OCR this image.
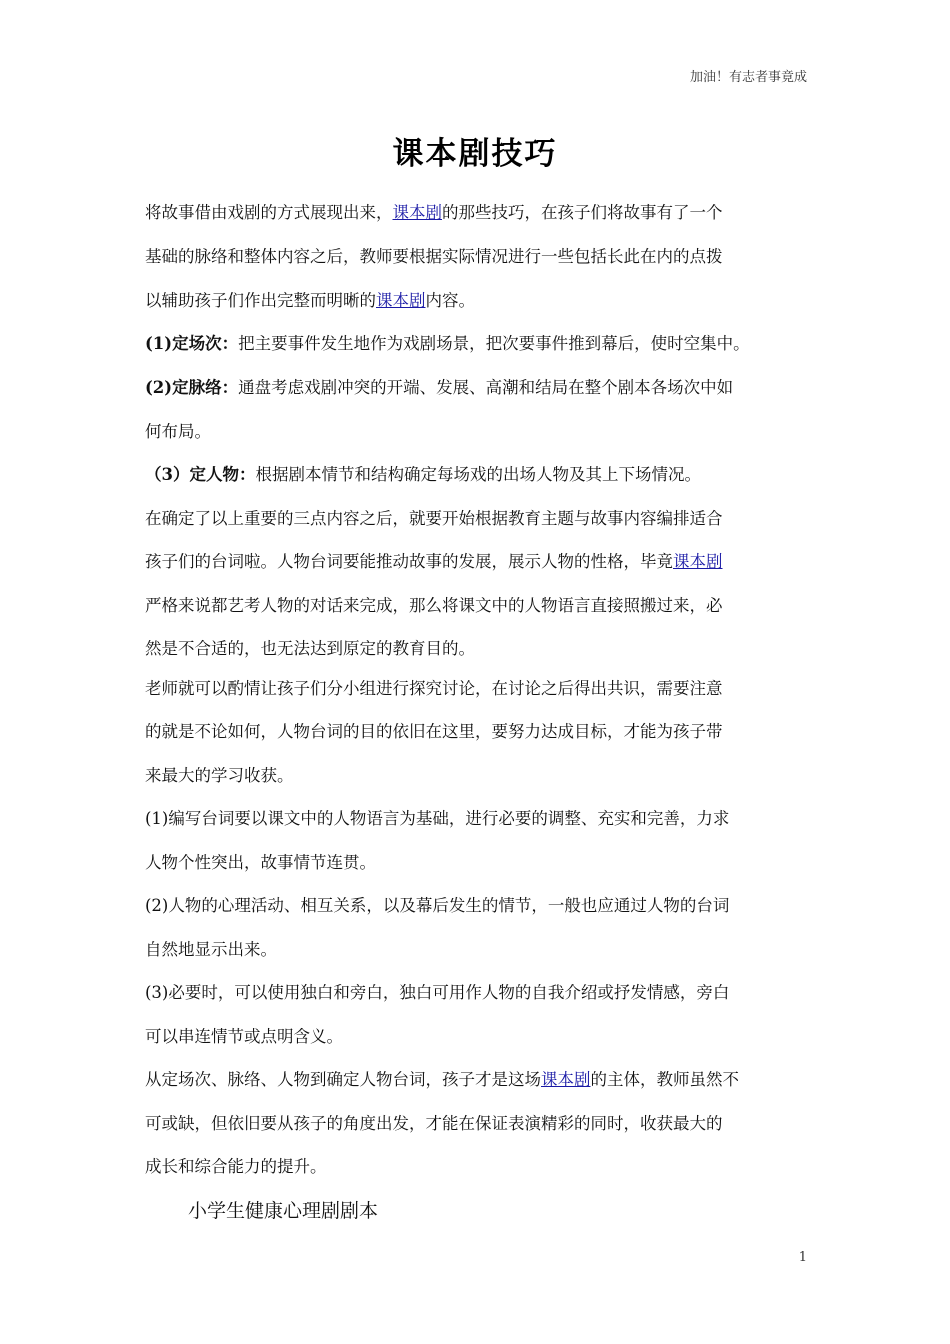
加油！有志者事竟成
课本剧技巧
将故事借由戏剧的方式展现出来，课本剧的那些技巧，在孩子们将故事有了一个
基础的脉络和整体内容之后，教师要根据实际情况进行一些包括长此在内的点拨
以辅助孩子们作出完整而明晰的课本剧内容。
(1)定场次：把主要事件发生地作为戏剧场景，把次要事件推到幕后，使时空集中。
(2)定脉络：通盘考虑戏剧冲突的开端、发展、高潮和结局在整个剧本各场次中如
何布局。
（3）定人物：根据剧本情节和结构确定每场戏的出场人物及其上下场情况。
在确定了以上重要的三点内容之后，就要开始根据教育主题与故事内容编排适合
孩子们的台词啦。人物台词要能推动故事的发展，展示人物的性格，毕竟课本剧
严格来说都艺考人物的对话来完成，那么将课文中的人物语言直接照搬过来，必
然是不合适的，也无法达到原定的教育目的。
老师就可以酌情让孩子们分小组进行探究讨论，在讨论之后得出共识，需要注意
的就是不论如何，人物台词的目的依旧在这里，要努力达成目标，才能为孩子带
来最大的学习收获。
(1)编写台词要以课文中的人物语言为基础，进行必要的调整、充实和完善，力求
人物个性突出，故事情节连贯。
(2)人物的心理活动、相互关系，以及幕后发生的情节，一般也应通过人物的台词
自然地显示出来。
(3)必要时，可以使用独白和旁白，独白可用作人物的自我介绍或抒发情感，旁白
可以串连情节或点明含义。
从定场次、脉络、人物到确定人物台词，孩子才是这场课本剧的主体，教师虽然不
可或缺，但依旧要从孩子的角度出发，才能在保证表演精彩的同时，收获最大的
成长和综合能力的提升。
小学生健康心理剧剧本
1
